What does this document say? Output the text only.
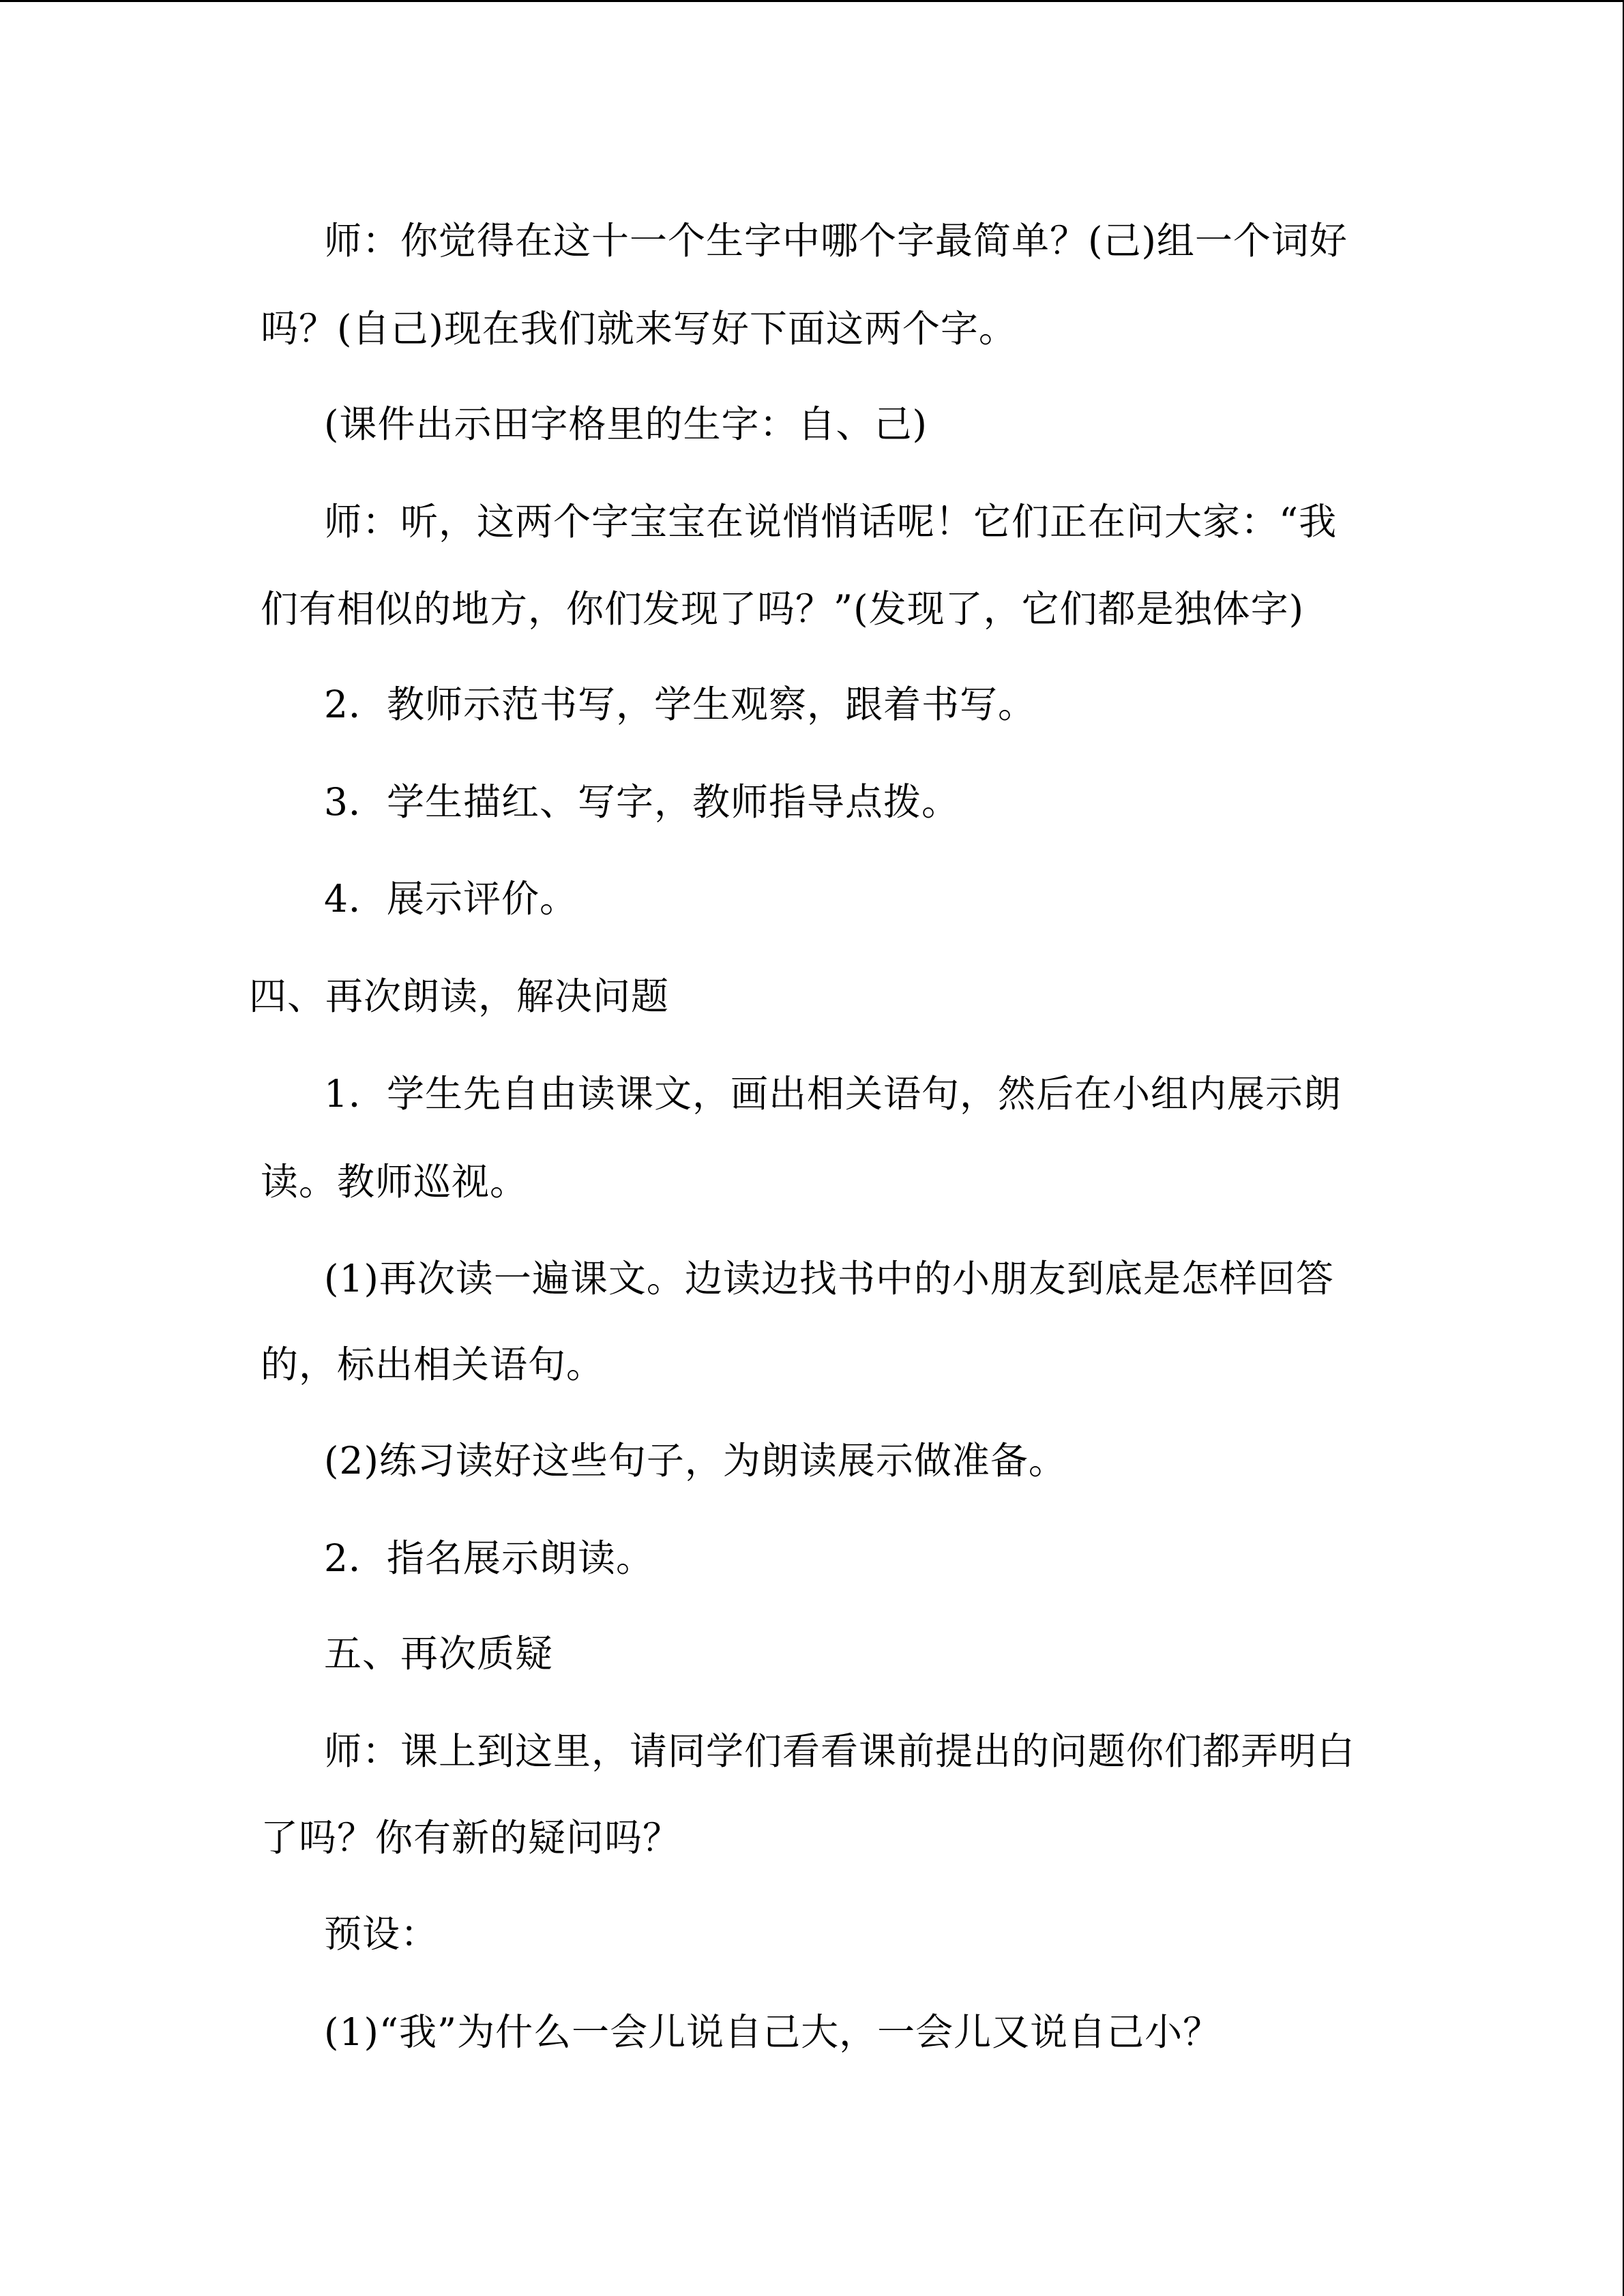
师：你觉得在这十一个生字中哪个字最简单？(己)组一个词好
吗？(自己)现在我们就来写好下面这两个字。
(课件出示田字格里的生字：自、己)
师：听，这两个字宝宝在说悄悄话呢！它们正在问大家：“我
们有相似的地方，你们发现了吗？”(发现了，它们都是独体字)
2．教师示范书写，学生观察，跟着书写。
3．学生描红、写字，教师指导点拨。
4．展示评价。
四、再次朗读，解决问题
1．学生先自由读课文，画出相关语句，然后在小组内展示朗
读。教师巡视。
(1)再次读一遍课文。边读边找书中的小朋友到底是怎样回答
的，标出相关语句。
(2)练习读好这些句子，为朗读展示做准备。
2．指名展示朗读。
五、再次质疑
师：课上到这里，请同学们看看课前提出的问题你们都弄明白
了吗？你有新的疑问吗？
预设：
(1)“我”为什么一会儿说自己大，一会儿又说自己小？
